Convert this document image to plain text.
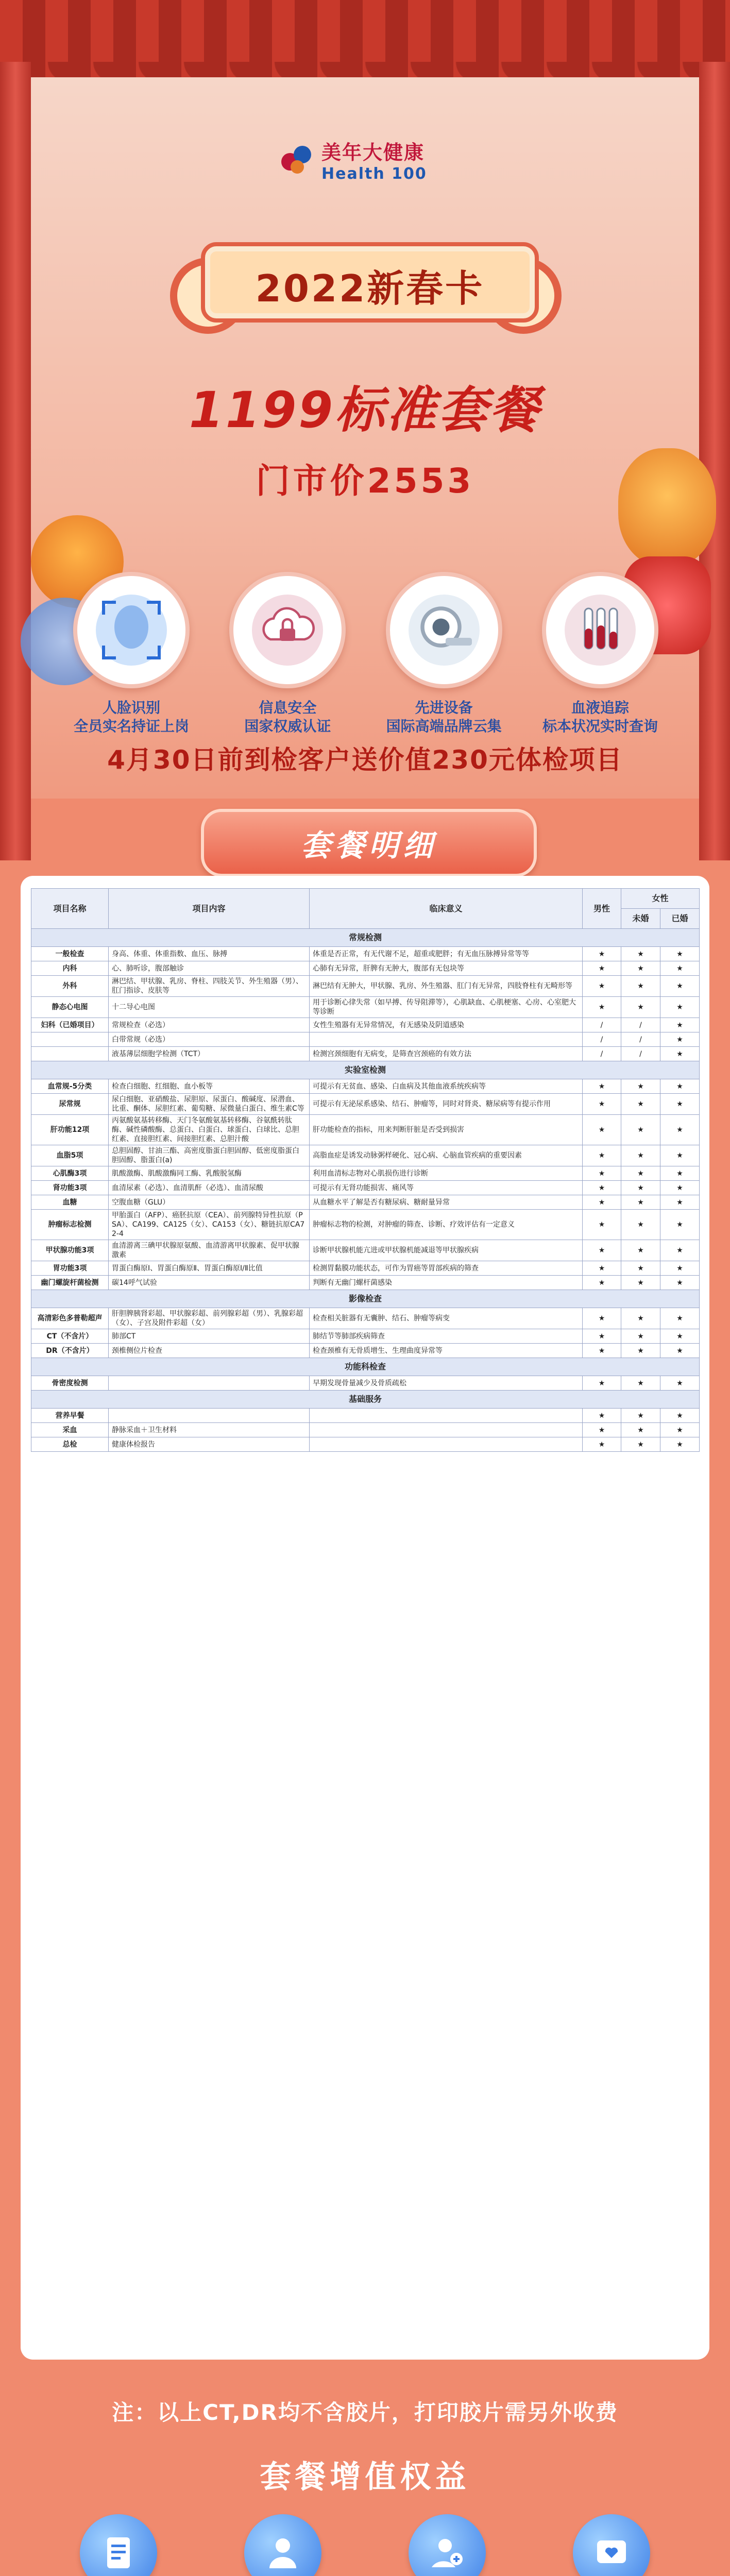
美年大健康
Health 100
2022新春卡
1199标准套餐
门市价2553
人脸识别
全员实名持证上岗
信息安全
国家权威认证
先进设备
国际高端品牌云集
血液追踪
标本状况实时查询
4月30日前到检客户送价值230元体检项目
套餐明细
项目名称	项目内容	临床意义	男性	女性	
				未婚	已婚
常规检测					
一般检查	身高、体重、体重指数、血压、脉搏	体重是否正常，有无代谢不足，超重或肥胖；有无血压脉搏异常等等	★	★	★
内科	心、肺听诊，腹部触诊	心肺有无异常，肝脾有无肿大，腹部有无包块等	★	★	★
外科	淋巴结、甲状腺、乳房、脊柱、四肢关节、外生殖器（男）、肛门指诊、皮肤等	淋巴结有无肿大，甲状腺、乳房、外生殖器、肛门有无异常，四肢脊柱有无畸形等	★	★	★
静态心电图	十二导心电图	用于诊断心律失常（如早搏、传导阻滞等），心肌缺血、心肌梗塞、心房、心室肥大等诊断	★	★	★
妇科（已婚项目）	常规检查（必选）	女性生殖器有无异常情况，有无感染及阴道感染	/	/	★
	白带常规（必选）		/	/	★
	液基薄层细胞学检测（TCT）	检测宫颈细胞有无病变，是筛查宫颈癌的有效方法	/	/	★
实验室检测					
血常规-5分类	检查白细胞、红细胞、血小板等	可提示有无贫血、感染、白血病及其他血液系统疾病等	★	★	★
尿常规	尿白细胞、亚硝酸盐、尿胆原、尿蛋白、酸碱度、尿潜血、比重、酮体、尿胆红素、葡萄糖、尿微量白蛋白、维生素C等	可提示有无泌尿系感染、结石、肿瘤等，同时对肾炎、糖尿病等有提示作用	★	★	★
肝功能12项	丙氨酸氨基转移酶、天门冬氨酸氨基转移酶、谷氨酰转肽酶、碱性磷酸酶、总蛋白、白蛋白、球蛋白、白球比、总胆红素、直接胆红素、间接胆红素、总胆汁酸	肝功能检查的指标，用来判断肝脏是否受到损害	★	★	★
血脂5项	总胆固醇、甘油三酯、高密度脂蛋白胆固醇、低密度脂蛋白胆固醇、脂蛋白(a)	高脂血症是诱发动脉粥样硬化、冠心病、心脑血管疾病的重要因素	★	★	★
心肌酶3项	肌酸激酶、肌酸激酶同工酶、乳酸脱氢酶	利用血清标志物对心肌损伤进行诊断	★	★	★
肾功能3项	血清尿素（必选）、血清肌酐（必选）、血清尿酸	可提示有无肾功能损害、痛风等	★	★	★
血糖	空腹血糖（GLU）	从血糖水平了解是否有糖尿病、糖耐量异常	★	★	★
肿瘤标志检测	甲胎蛋白（AFP）、癌胚抗原（CEA）、前列腺特异性抗原（PSA）、CA199、CA125（女）、CA153（女）、糖链抗原CA72-4	肿瘤标志物的检测，对肿瘤的筛查、诊断、疗效评估有一定意义	★	★	★
甲状腺功能3项	血清游离三碘甲状腺原氨酸、血清游离甲状腺素、促甲状腺激素	诊断甲状腺机能亢进或甲状腺机能减退等甲状腺疾病	★	★	★
胃功能3项	胃蛋白酶原Ⅰ、胃蛋白酶原Ⅱ、胃蛋白酶原Ⅰ/Ⅱ比值	检测胃黏膜功能状态，可作为胃癌等胃部疾病的筛查	★	★	★
幽门螺旋杆菌检测	碳14呼气试验	判断有无幽门螺杆菌感染	★	★	★
影像检查					
高清彩色多普勒超声	肝胆脾胰肾彩超、甲状腺彩超、前列腺彩超（男）、乳腺彩超（女）、子宫及附件彩超（女）	检查相关脏器有无囊肿、结石、肿瘤等病变	★	★	★
CT（不含片）	肺部CT	肺结节等肺部疾病筛查	★	★	★
DR（不含片）	颈椎侧位片检查	检查颈椎有无骨质增生、生理曲度异常等	★	★	★
功能科检查					
骨密度检测		早期发现骨量减少及骨质疏松	★	★	★
基础服务					
营养早餐			★	★	★
采血	静脉采血＋卫生材料		★	★	★
总检	健康体检报告		★	★	★
注：以上CT,DR均不含胶片，打印胶片需另外收费
套餐增值权益
